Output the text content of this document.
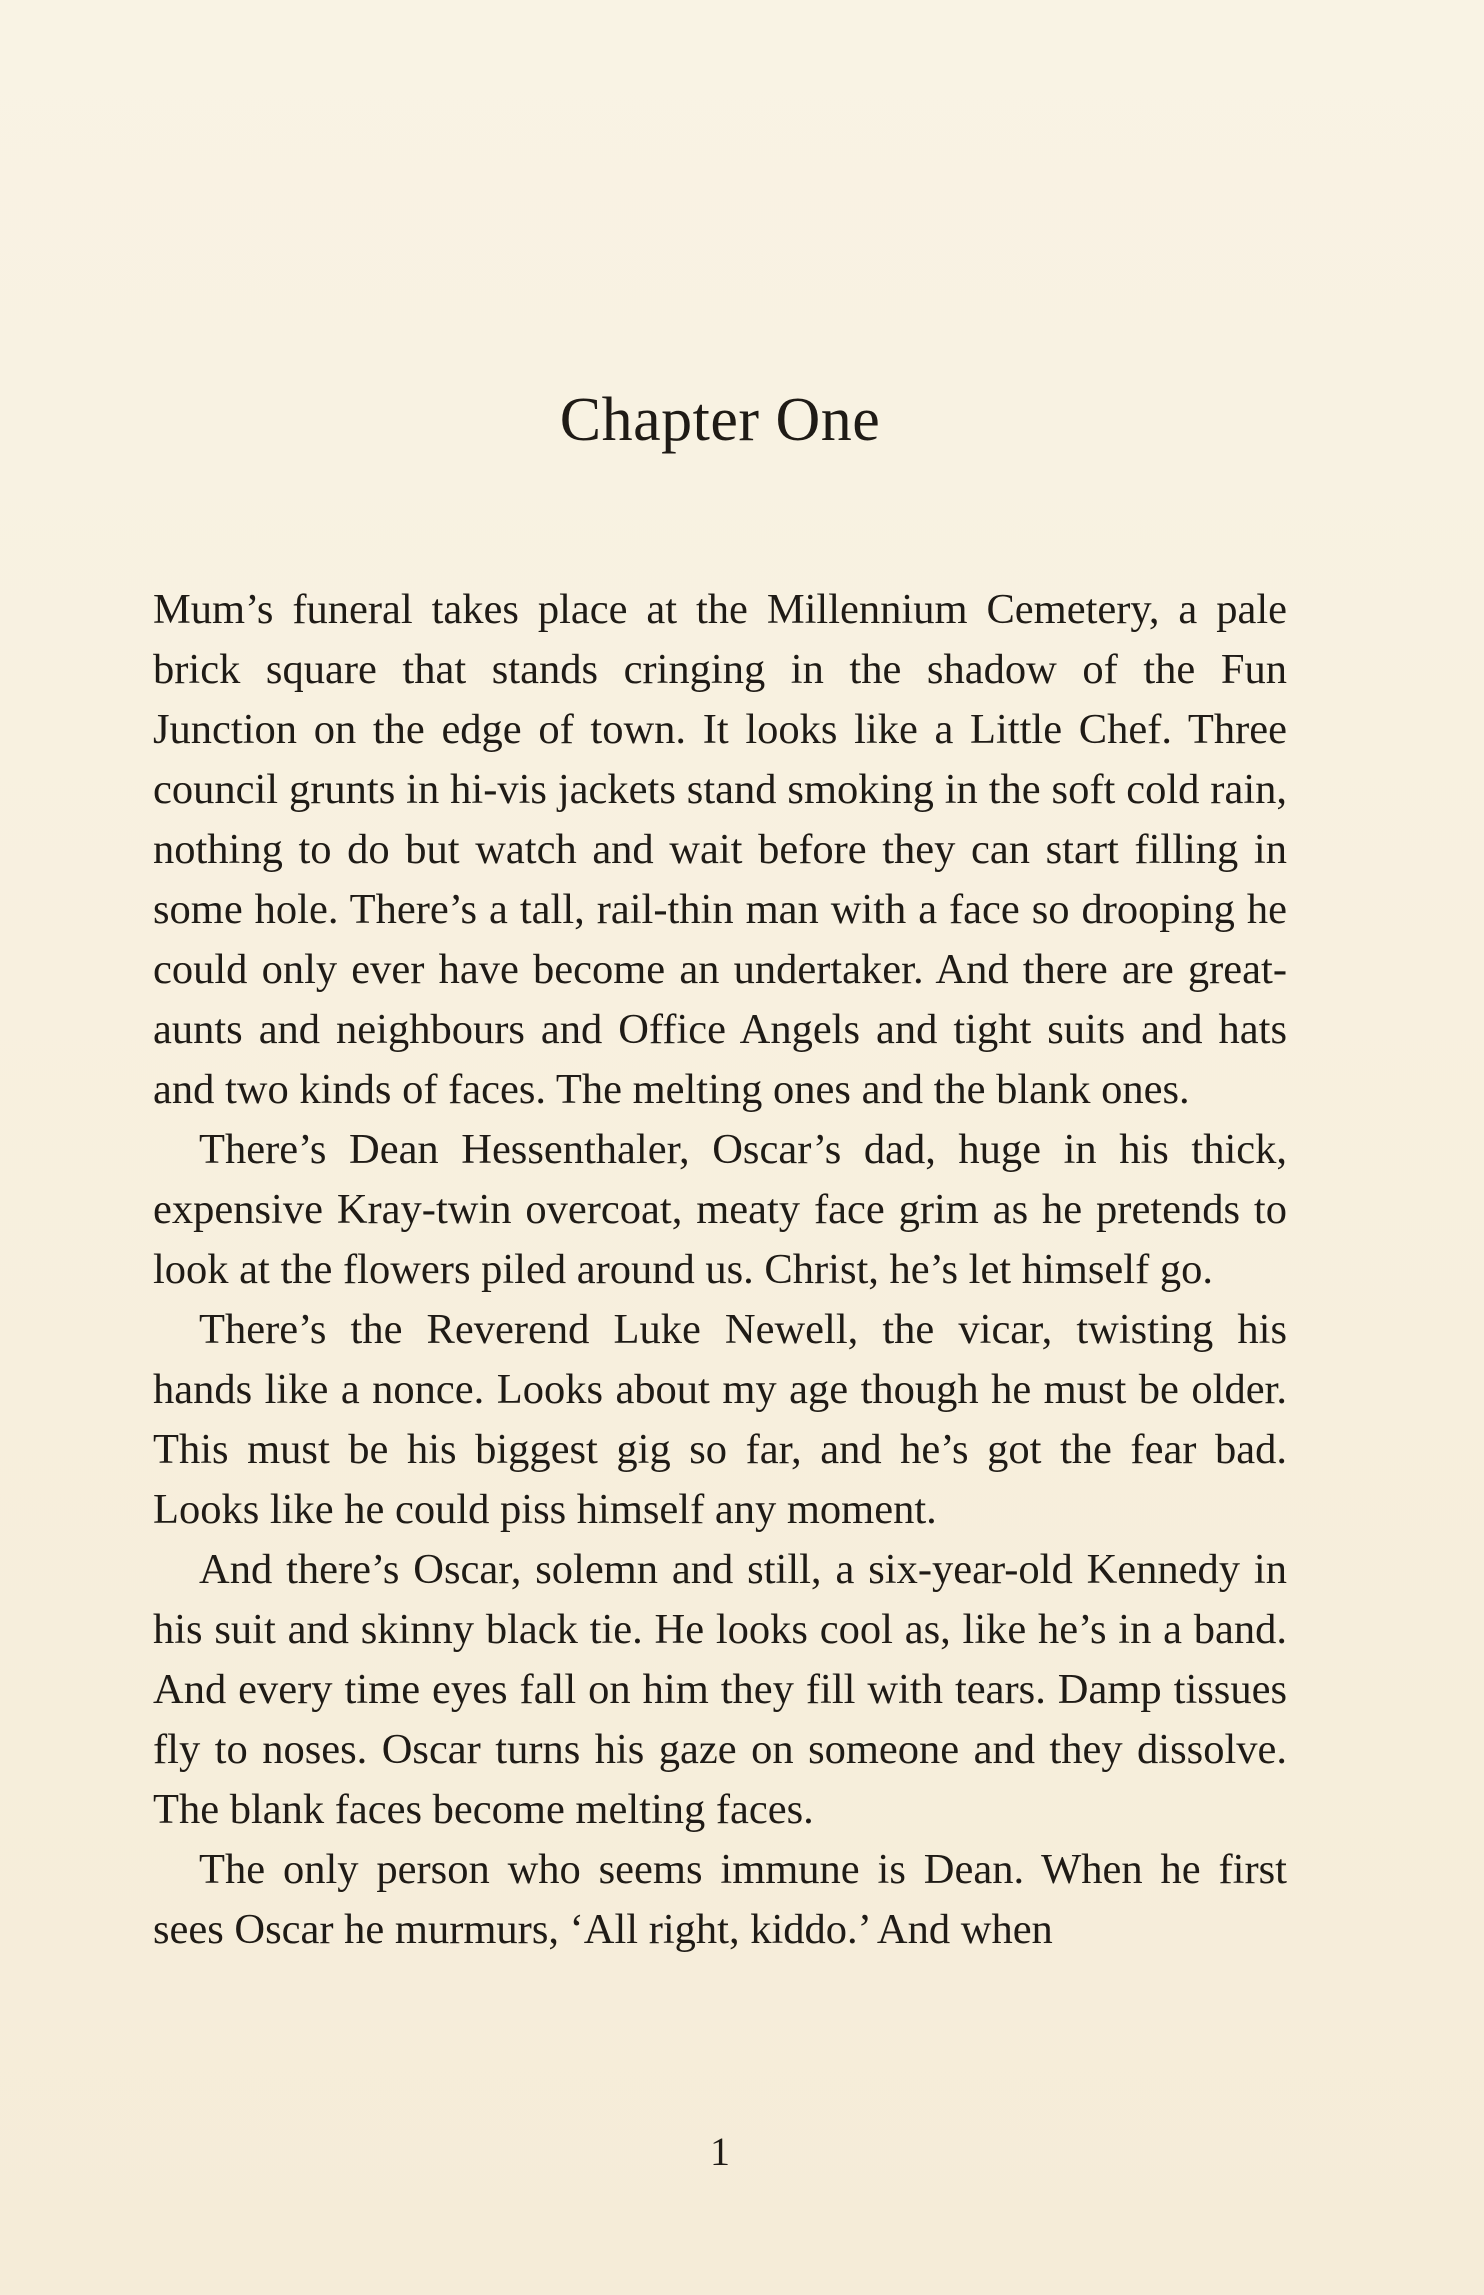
Chapter One

Mum’s funeral takes place at the Millennium Cemetery, a pale brick square that stands cringing in the shadow of the Fun Junction on the edge of town. It looks like a Little Chef. Three council grunts in hi-vis jackets stand smoking in the soft cold rain, nothing to do but watch and wait before they can start filling in some hole. There’s a tall, rail-thin man with a face so drooping he could only ever have become an undertaker. And there are great-aunts and neighbours and Office Angels and tight suits and hats and two kinds of faces. The melting ones and the blank ones.

There’s Dean Hessenthaler, Oscar’s dad, huge in his thick, expensive Kray-twin overcoat, meaty face grim as he pretends to look at the flowers piled around us. Christ, he’s let himself go.

There’s the Reverend Luke Newell, the vicar, twisting his hands like a nonce. Looks about my age though he must be older. This must be his biggest gig so far, and he’s got the fear bad. Looks like he could piss himself any moment.

And there’s Oscar, solemn and still, a six-year-old Kennedy in his suit and skinny black tie. He looks cool as, like he’s in a band. And every time eyes fall on him they fill with tears. Damp tissues fly to noses. Oscar turns his gaze on someone and they dissolve. The blank faces become melting faces.

The only person who seems immune is Dean. When he first sees Oscar he murmurs, ‘All right, kiddo.’ And when

1
